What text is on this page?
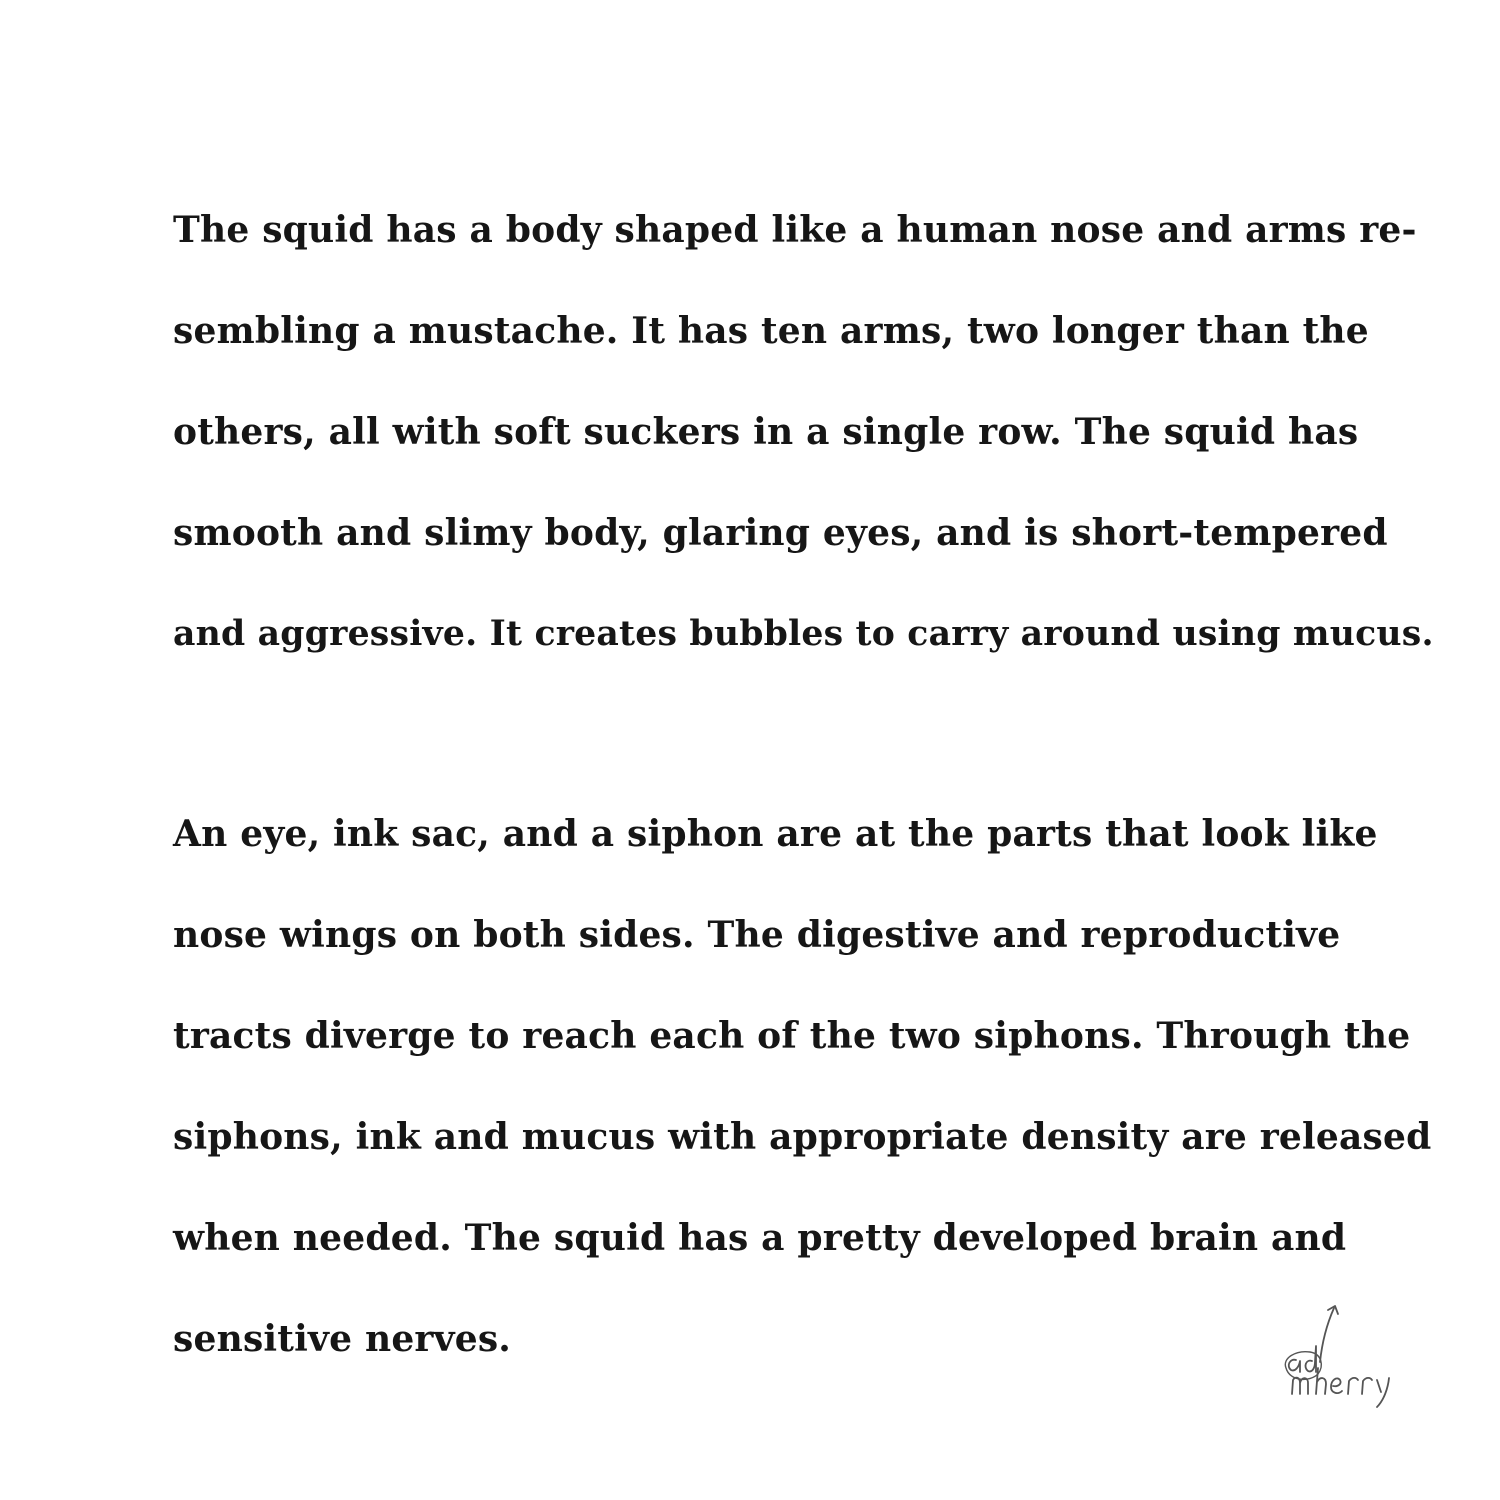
The squid has a body shaped like a human nose and arms re-
sembling a mustache. It has ten arms, two longer than the
others, all with soft suckers in a single row. The squid has
smooth and slimy body, glaring eyes, and is short-tempered
and aggressive. It creates bubbles to carry around using mucus.
An eye, ink sac, and a siphon are at the parts that look like
nose wings on both sides. The digestive and reproductive
tracts diverge to reach each of the two siphons. Through the
siphons, ink and mucus with appropriate density are released
when needed. The squid has a pretty developed brain and
sensitive nerves.
